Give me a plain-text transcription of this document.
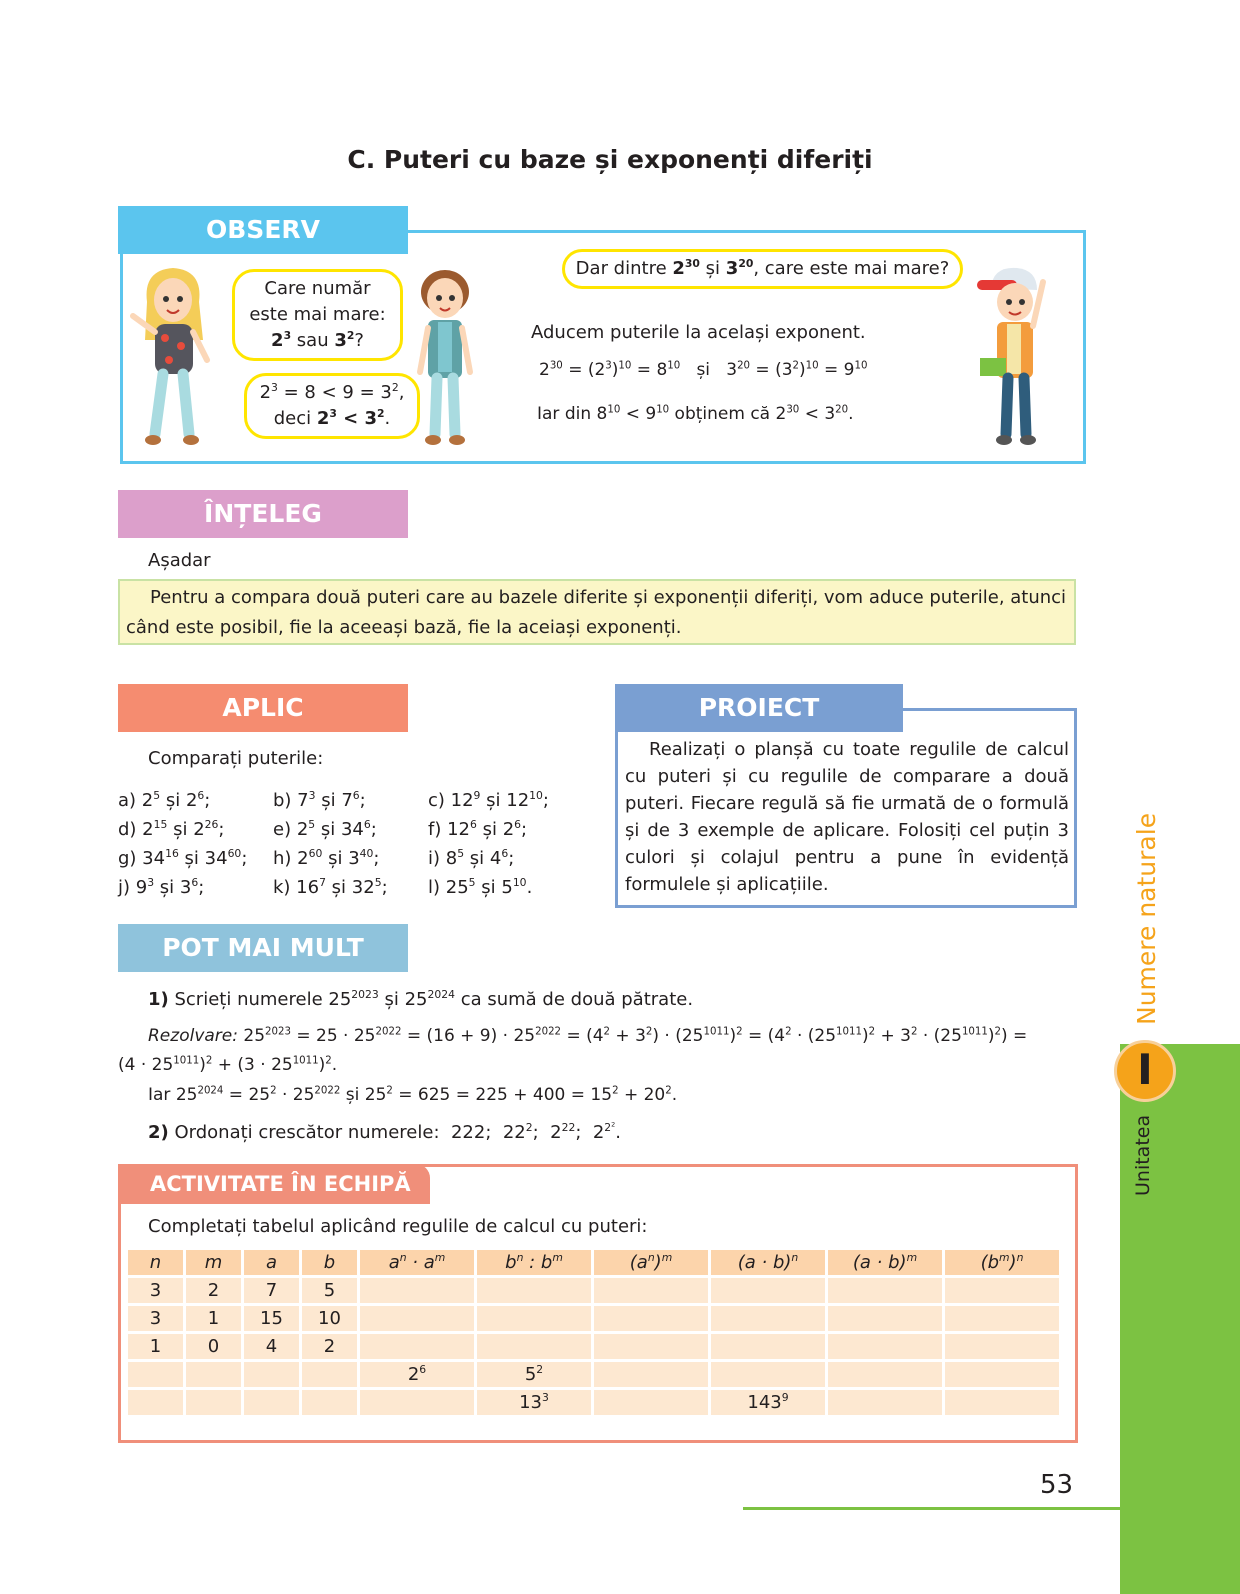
C. Puteri cu baze și exponenți diferiți
OBSERV
Care număr
este mai mare:
$2^3$ sau $3^2$?
$2^3 = 8 < 9 = 3^2$,
deci $2^3 < 3^2$.
Dar dintre $2^{30}$ și $3^{20}$, care este mai mare?
Aducem puterile la același exponent.
$2^{30} = (2^3)^{10} = 8^{10}$   și   $3^{20} = (3^2)^{10} = 9^{10}$
Iar din $8^{10} < 9^{10}$ obținem că $2^{30} < 3^{20}$.
ÎNȚELEG
Așadar
Pentru a compara două puteri care au bazele diferite și exponenții diferiți, vom aduce puterile, atunci când este posibil, fie la aceeași bază, fie la aceiași exponenți.
APLIC
Comparați puterile:
a) $2^5$ și $2^6$;	b) $7^3$ și $7^6$;	c) $12^9$ și $12^{10}$;
d) $2^{15}$ și $2^{26}$;	e) $2^5$ și $34^6$;	f) $12^6$ și $2^6$;
g) $34^{16}$ și $34^{60}$; h) $2^{60}$ și $3^{40}$;	i) $8^5$ și $4^6$;
j) $9^3$ și $3^6$;	k) $16^7$ și $32^5$; l) $25^5$ și $5^{10}$.
PROIECT
Realizați o planșă cu toate regulile de calcul cu puteri și cu regulile de comparare a două puteri. Fiecare regulă să fie urmată de o formulă și de 3 exemple de aplicare. Folosiți cel puțin 3 culori și colajul pentru a pune în evidență formulele și aplicațiile.
POT MAI MULT
1) Scrieți numerele $25^{2023}$ și $25^{2024}$ ca sumă de două pătrate.
Rezolvare: $25^{2023} = 25 \cdot 25^{2022} = (16 + 9) \cdot 25^{2022} = (4^2 + 3^2) \cdot (25^{1011})^2 = (4^2 \cdot (25^{1011})^2 + 3^2 \cdot (25^{1011})^2)$ =
$(4 \cdot 25^{1011})^2 + (3 \cdot 25^{1011})^2$.
Iar $25^{2024} = 25^2 \cdot 25^{2022}$ și $25^2 = 625 = 225 + 400 = 15^2 + 20^2$.
2) Ordonați crescător numerele:  222;  $22^2$;  $2^{22}$;  $2^{2^2}$.
ACTIVITATE ÎN ECHIPĂ
Completați tabelul aplicând regulile de calcul cu puteri:
n	m	a	b	$a^n \cdot a^m$	$b^n$ : $b^m$	$(a^n)^m$	$(a \cdot b)^n$	$(a \cdot b)^m$	$(b^m)^n$
3	2	7	5						
3	1	15	10						
1	0	4	2						
				$2^6$	$5^2$				
					$13^3$		$143^9$		
Numere naturale
I
Unitatea
53
